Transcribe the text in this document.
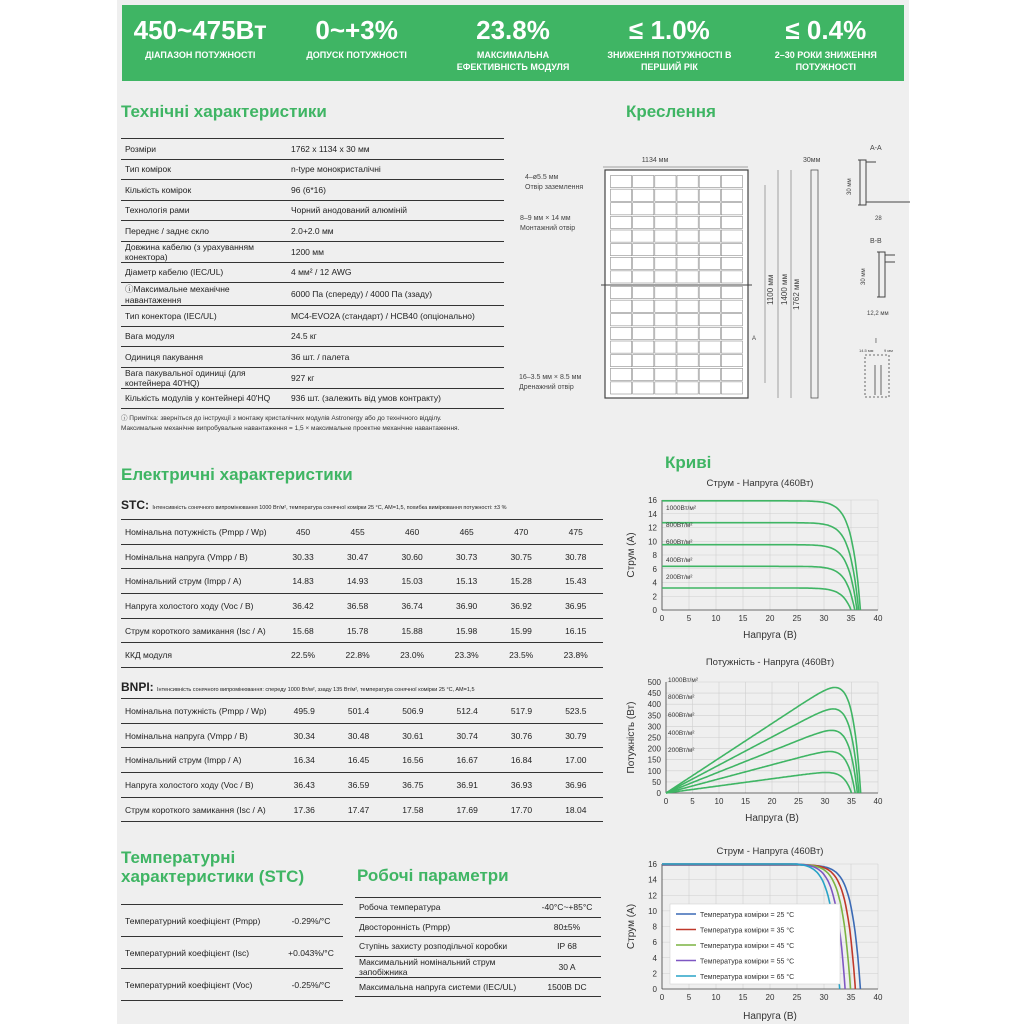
450~475Вт
ДІАПАЗОН ПОТУЖНОСТІ
0~+3%
ДОПУСК ПОТУЖНОСТІ
23.8%
МАКСИМАЛЬНА ЕФЕКТИВНІСТЬ МОДУЛЯ
≤ 1.0%
ЗНИЖЕННЯ ПОТУЖНОСТІ В ПЕРШИЙ РІК
≤ 0.4%
2–30 РОКИ ЗНИЖЕННЯ ПОТУЖНОСТІ
Технічні характеристики
Розміри	1762 x 1134 x 30 мм
Тип комірок	n-type монокристалічні
Кількість комірок	96 (6*16)
Технологія рами	Чорний анодований алюміній
Переднє / заднє скло	2.0+2.0 мм
Довжина кабелю (з урахуванням конектора)	1200 мм
Діаметр кабелю (IEC/UL)	4 мм² / 12 AWG
ⓘМаксимальне механічне навантаження	6000 Па (спереду) / 4000 Па (ззаду)
Тип конектора (IEC/UL)	MC4-EVO2A (стандарт) / HCB40 (опціонально)
Вага модуля	24.5 кг
Одиниця пакування	36 шт. / палета
Вага пакувальної одиниці (для контейнера 40'HQ)	927 кг
Кількість модулів у контейнері 40'HQ	936 шт. (залежить від умов контракту)
ⓘ Примітка: зверніться до інструкції з монтажу кристалічних модулів Astronergy або до технічного відділу.
Максимальне механічне випробувальне навантаження = 1,5 × максимальне проектне механічне навантаження.
Креслення
1134 мм	30мм
4–ø5.5 мм
Отвір заземлення
8–9 мм × 14 мм
Монтажний отвір
16–3.5 мм × 8.5 мм
Дренажний отвір
1100 мм 1400 мм 1762 мм
A-A
B-B
I
30 мм
28
30 мм
12,2 мм
14.5 мм	9 мм
A
Електричні характеристики
STC: Інтенсивність сонячного випромінювання 1000 Вт/м², температура сонячної комірки 25 °C, AM=1,5, похибка вимірювання потужності: ±3 %
Номінальна потужність (Pmpp / Wp)	450	455	460	465	470	475
Номінальна напруга (Vmpp / В)	30.33	30.47	30.60	30.73	30.75	30.78
Номінальний струм (Impp / А)	14.83	14.93	15.03	15.13	15.28	15.43
Напруга холостого ходу (Voc / В)	36.42	36.58	36.74	36.90	36.92	36.95
Струм короткого замикання (Isc / А)	15.68	15.78	15.88	15.98	15.99	16.15
ККД модуля	22.5%	22.8%	23.0%	23.3%	23.5%	23.8%
BNPI: Інтенсивність сонячного випромінювання: спереду 1000 Вт/м², ззаду 135 Вт/м², температура сонячної комірки 25 °C, AM=1,5
Номінальна потужність (Pmpp / Wp)	495.9	501.4	506.9	512.4	517.9	523.5
Номінальна напруга (Vmpp / В)	30.34	30.48	30.61	30.74	30.76	30.79
Номінальний струм (Impp / А)	16.34	16.45	16.56	16.67	16.84	17.00
Напруга холостого ходу (Voc / В)	36.43	36.59	36.75	36.91	36.93	36.96
Струм короткого замикання (Isc / А)	17.36	17.47	17.58	17.69	17.70	18.04
Температурні
характеристики (STC)
Температурний коефіцієнт (Pmpp)	-0.29%/°C
Температурний коефіцієнт (Isc)	+0.043%/°C
Температурний коефіцієнт (Voc)	-0.25%/°C
Робочі параметри
Робоча температура	-40°C~+85°C
Двосторонність (Pmpp)	80±5%
Ступінь захисту розподільчої коробки	IP 68
Максимальний номінальний струм запобіжника	30 A
Максимальна напруга системи (IEC/UL)	1500В DC
Криві
Струм - Напруга (460Вт)
0
2
4
6
8
10
12
14
16
0	5	10 15 20 25 30 35 40
Напруга (В)
Струм (A)
1000Вт/м²
800Вт/м²
600Вт/м²
400Вт/м²
200Вт/м²
Потужність - Напруга (460Вт)
0
50
100
150
200
250
300
350
400
450
500
0	5 10 15 20 25 30 35 40
Напруга (В)
Потужність (Вт)
1000Вт/м²
800Вт/м²
600Вт/м²
400Вт/м²
200Вт/м²
Струм - Напруга (460Вт)
0
2
4
6
8
10
12
14
16
0	5	10 15 20 25 30 35 40
Напруга (В)
Струм (A)	Температура комірки = 25 °C
Температура комірки = 35 °C
Температура комірки = 45 °C
Температура комірки = 55 °C
Температура комірки = 65 °C
